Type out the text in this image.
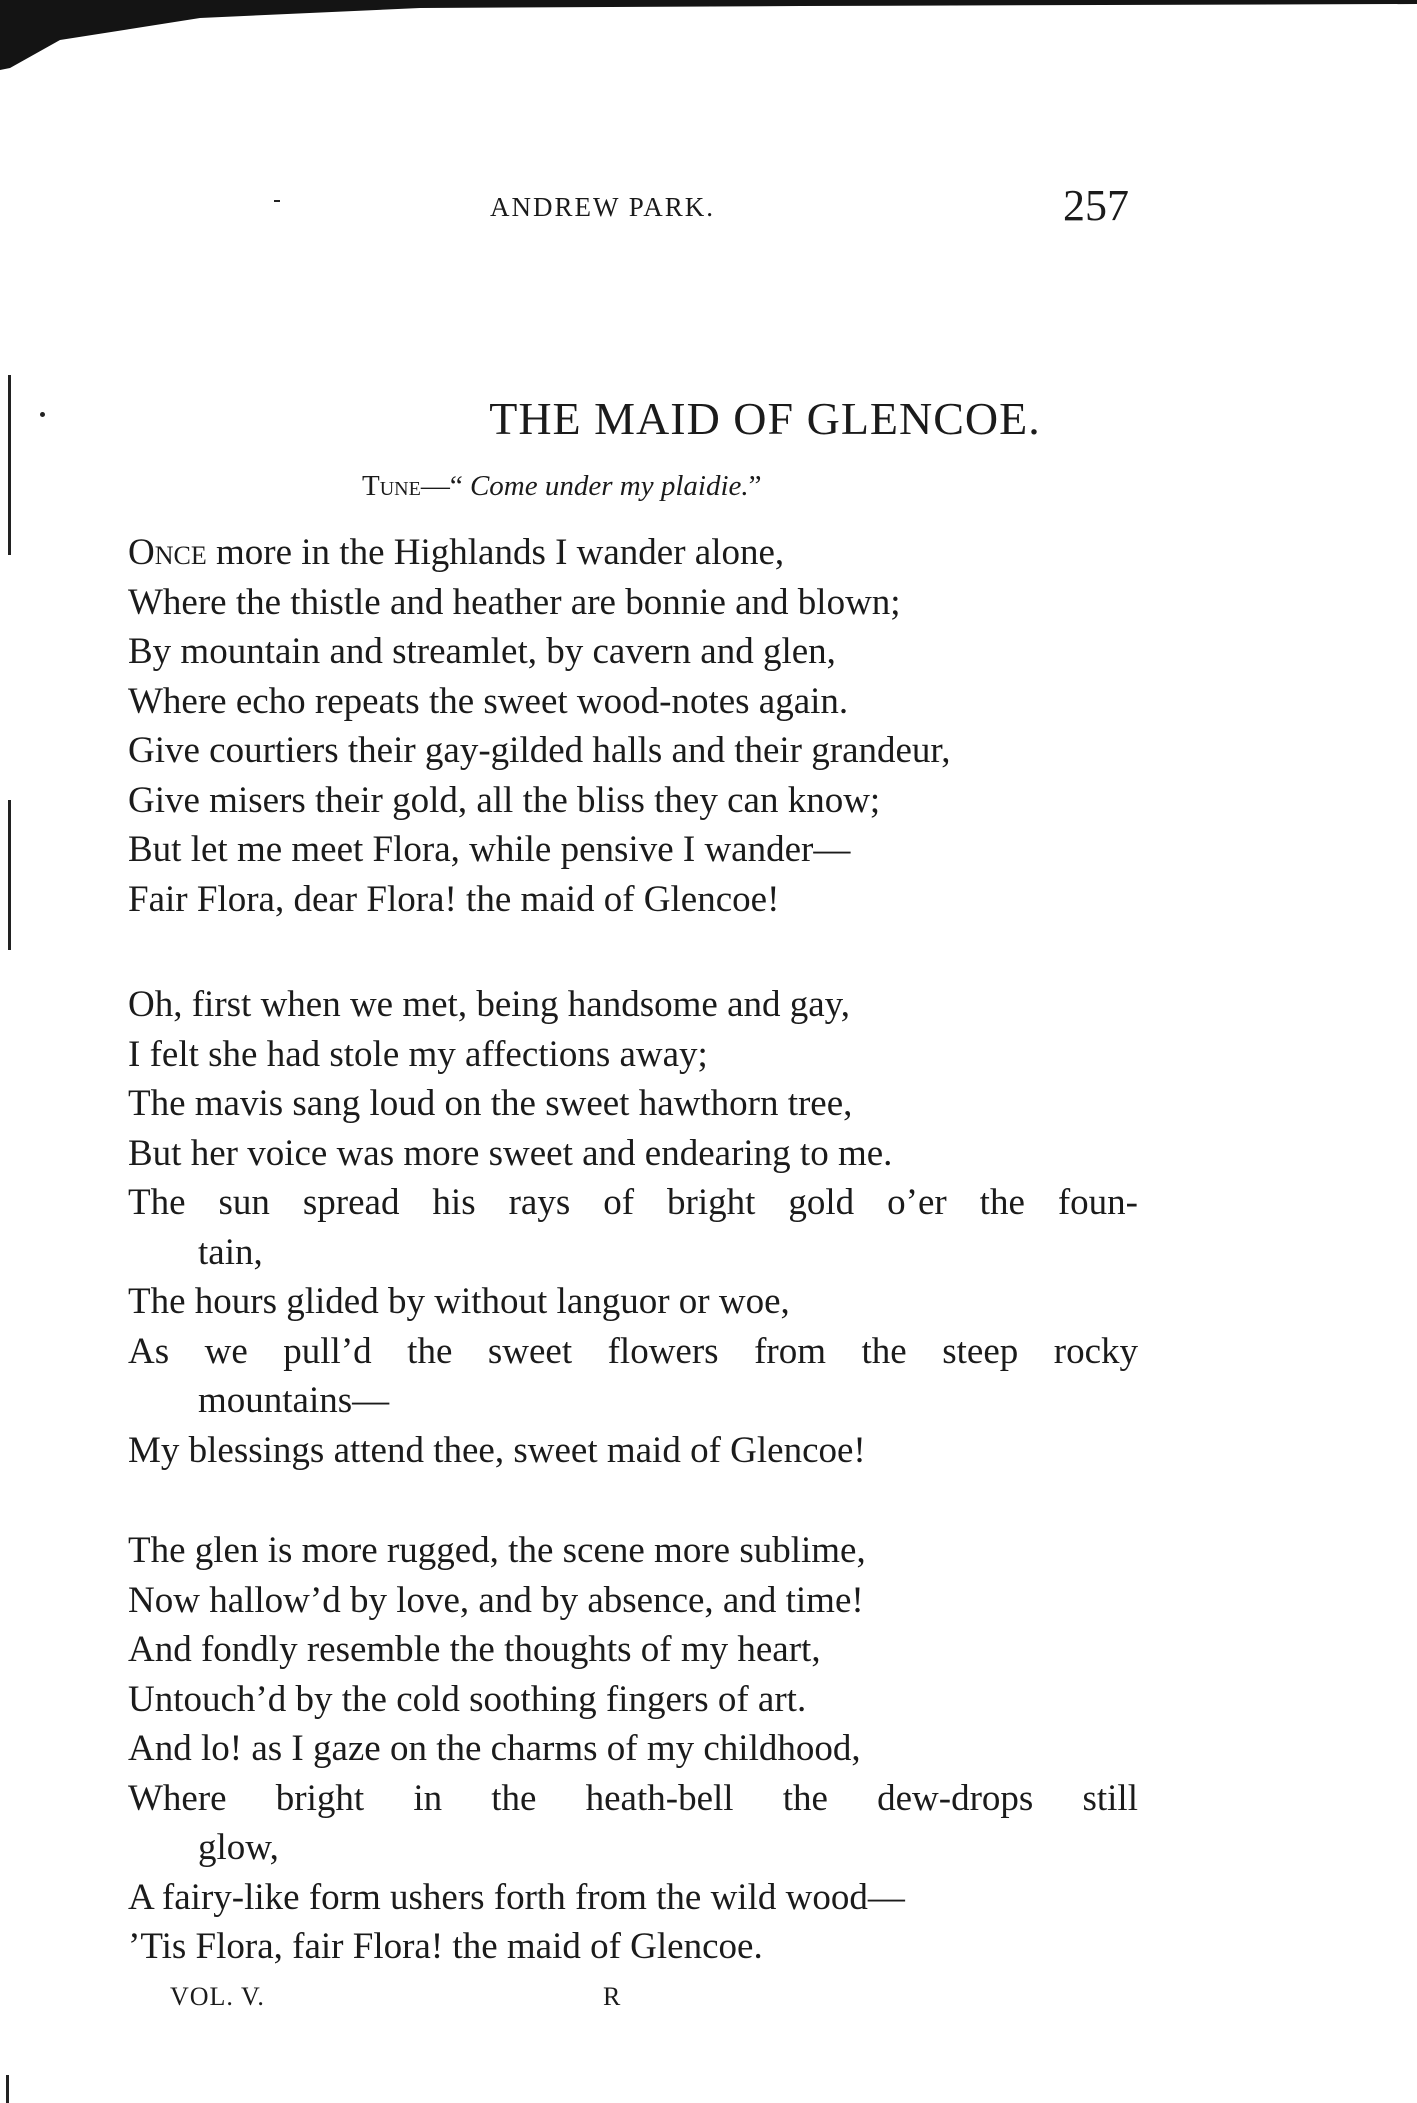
ANDREW PARK.	257
THE MAID OF GLENCOE.
Tune—“ Come under my plaidie.”
Once more in the Highlands I wander alone,
Where the thistle and heather are bonnie and blown;
By mountain and streamlet, by cavern and glen,
Where echo repeats the sweet wood-notes again.
Give courtiers their gay-gilded halls and their grandeur,
Give misers their gold, all the bliss they can know;
But let me meet Flora, while pensive I wander—
Fair Flora, dear Flora! the maid of Glencoe!
Oh, first when we met, being handsome and gay,
I felt she had stole my affections away;
The mavis sang loud on the sweet hawthorn tree,
But her voice was more sweet and endearing to me.
The sun spread his rays of bright gold o’er the foun-
tain,
The hours glided by without languor or woe,
As we pull’d the sweet flowers from the steep rocky
mountains—
My blessings attend thee, sweet maid of Glencoe!
The glen is more rugged, the scene more sublime,
Now hallow’d by love, and by absence, and time!
And fondly resemble the thoughts of my heart,
Untouch’d by the cold soothing fingers of art.
And lo! as I gaze on the charms of my childhood,
Where bright in the heath-bell the dew-drops still
glow,
A fairy-like form ushers forth from the wild wood—
’Tis Flora, fair Flora! the maid of Glencoe.
VOL. V.	R
